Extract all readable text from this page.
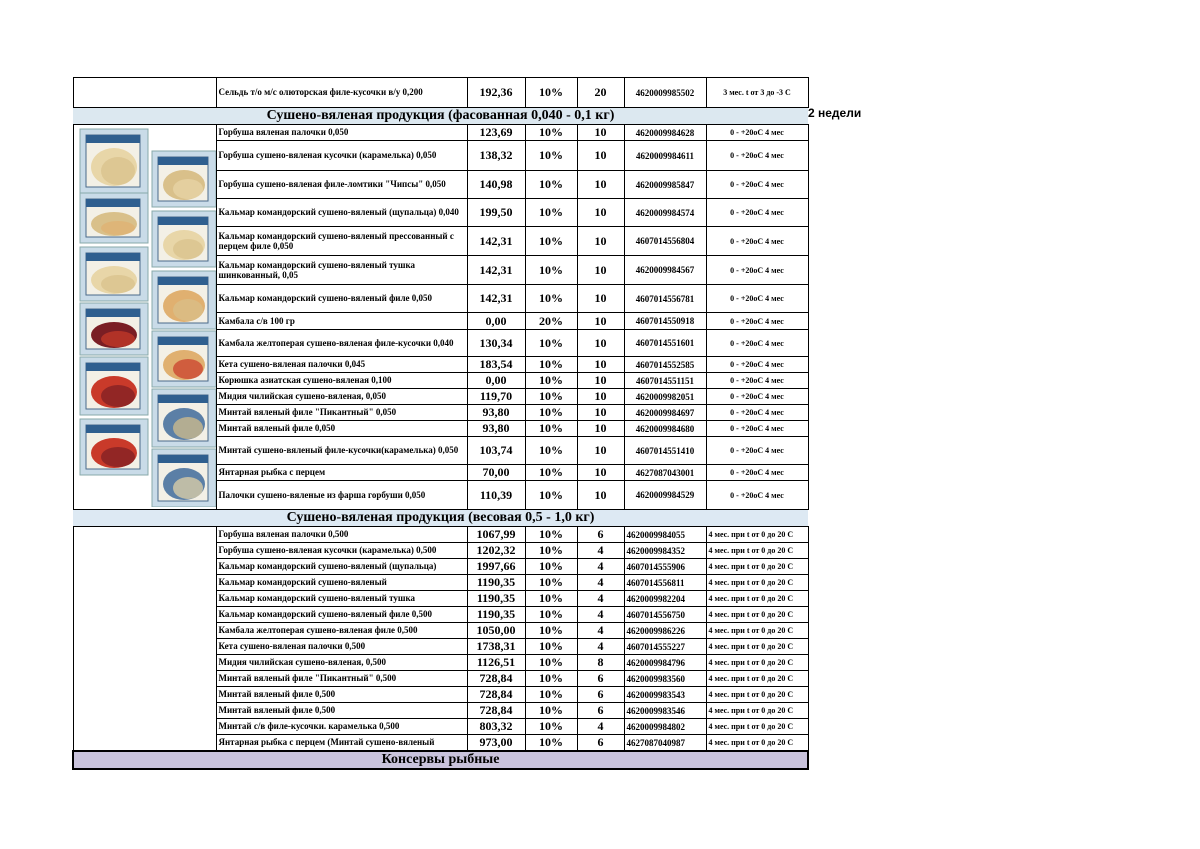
	Сельдь т/о м/с олюторская филе-кусочки в/у 0,200	192,36	10%	20	4620009985502	3 мес. t от 3 до -3 С
Сушено-вяленая продукция (фасованная 0,040 - 0,1 кг)						

	Горбуша вяленая палочки 0,050	123,69	10%	10	4620009984628	0 - +20оС 4 мес
	Горбуша сушено-вяленая кусочки (карамелька) 0,050	138,32	10%	10	4620009984611	0 - +20оС 4 мес
	Горбуша сушено-вяленая филе-ломтики "Чипсы" 0,050	140,98	10%	10	4620009985847	0 - +20оС 4 мес
	Кальмар командорский сушено-вяленый (щупальца) 0,040	199,50	10%	10	4620009984574	0 - +20оС 4 мес
	Кальмар командорский сушено-вяленый прессованный с перцем филе 0,050	142,31	10%	10	4607014556804	0 - +20оС 4 мес
	Кальмар командорский сушено-вяленый тушка шинкованный, 0,05	142,31	10%	10	4620009984567	0 - +20оС 4 мес
	Кальмар командорский сушено-вяленый филе 0,050	142,31	10%	10	4607014556781	0 - +20оС 4 мес
	Камбала с/в 100 гр	0,00	20%	10	4607014550918	0 - +20оС 4 мес
	Камбала желтоперая сушено-вяленая филе-кусочки 0,040	130,34	10%	10	4607014551601	0 - +20оС 4 мес
	Кета сушено-вяленая палочки 0,045	183,54	10%	10	4607014552585	0 - +20оС 4 мес
	Корюшка азиатская сушено-вяленая 0,100	0,00	10%	10	4607014551151	0 - +20оС 4 мес
	Мидия чилийская сушено-вяленая, 0,050	119,70	10%	10	4620009982051	0 - +20оС 4 мес
	Минтай вяленый филе "Пикантный" 0,050	93,80	10%	10	4620009984697	0 - +20оС 4 мес
	Минтай вяленый филе 0,050	93,80	10%	10	4620009984680	0 - +20оС 4 мес
	Минтай сушено-вяленый филе-кусочки(карамелька) 0,050	103,74	10%	10	4607014551410	0 - +20оС 4 мес
	Янтарная рыбка с перцем	70,00	10%	10	4627087043001	0 - +20оС 4 мес
	Палочки сушено-вяленые из фарша горбуши 0,050	110,39	10%	10	4620009984529	0 - +20оС 4 мес
Сушено-вяленая продукция (весовая 0,5 - 1,0 кг)						
	Горбуша вяленая палочки 0,500	1067,99	10%	6	4620009984055	4 мес. при t от 0 до 20 С
	Горбуша сушено-вяленая кусочки (карамелька) 0,500	1202,32	10%	4	4620009984352	4 мес. при t от 0 до 20 С
	Кальмар командорский сушено-вяленый (щупальца)	1997,66	10%	4	4607014555906	4 мес. при t от 0 до 20 С
	Кальмар командорский сушено-вяленый	1190,35	10%	4	4607014556811	4 мес. при t от 0 до 20 С
	Кальмар командорский сушено-вяленый тушка	1190,35	10%	4	4620009982204	4 мес. при t от 0 до 20 С
	Кальмар командорский сушено-вяленый филе 0,500	1190,35	10%	4	4607014556750	4 мес. при t от 0 до 20 С
	Камбала желтоперая сушено-вяленая филе 0,500	1050,00	10%	4	4620009986226	4 мес. при t от 0 до 20 С
	Кета сушено-вяленая палочки 0,500	1738,31	10%	4	4607014555227	4 мес. при t от 0 до 20 С
	Мидия чилийская сушено-вяленая, 0,500	1126,51	10%	8	4620009984796	4 мес. при t от 0 до 20 С
	Минтай вяленый филе "Пикантный" 0,500	728,84	10%	6	4620009983560	4 мес. при t от 0 до 20 С
	Минтай вяленый филе 0,500	728,84	10%	6	4620009983543	4 мес. при t от 0 до 20 С
	Минтай вяленый филе 0,500	728,84	10%	6	4620009983546	4 мес. при t от 0 до 20 С
	Минтай с/в филе-кусочки. карамелька 0,500	803,32	10%	4	4620009984802	4 мес. при t от 0 до 20 С
	Янтарная рыбка с перцем (Минтай сушено-вяленый	973,00	10%	6	4627087040987	4 мес. при t от 0 до 20 С
Консервы рыбные						
2 недели
